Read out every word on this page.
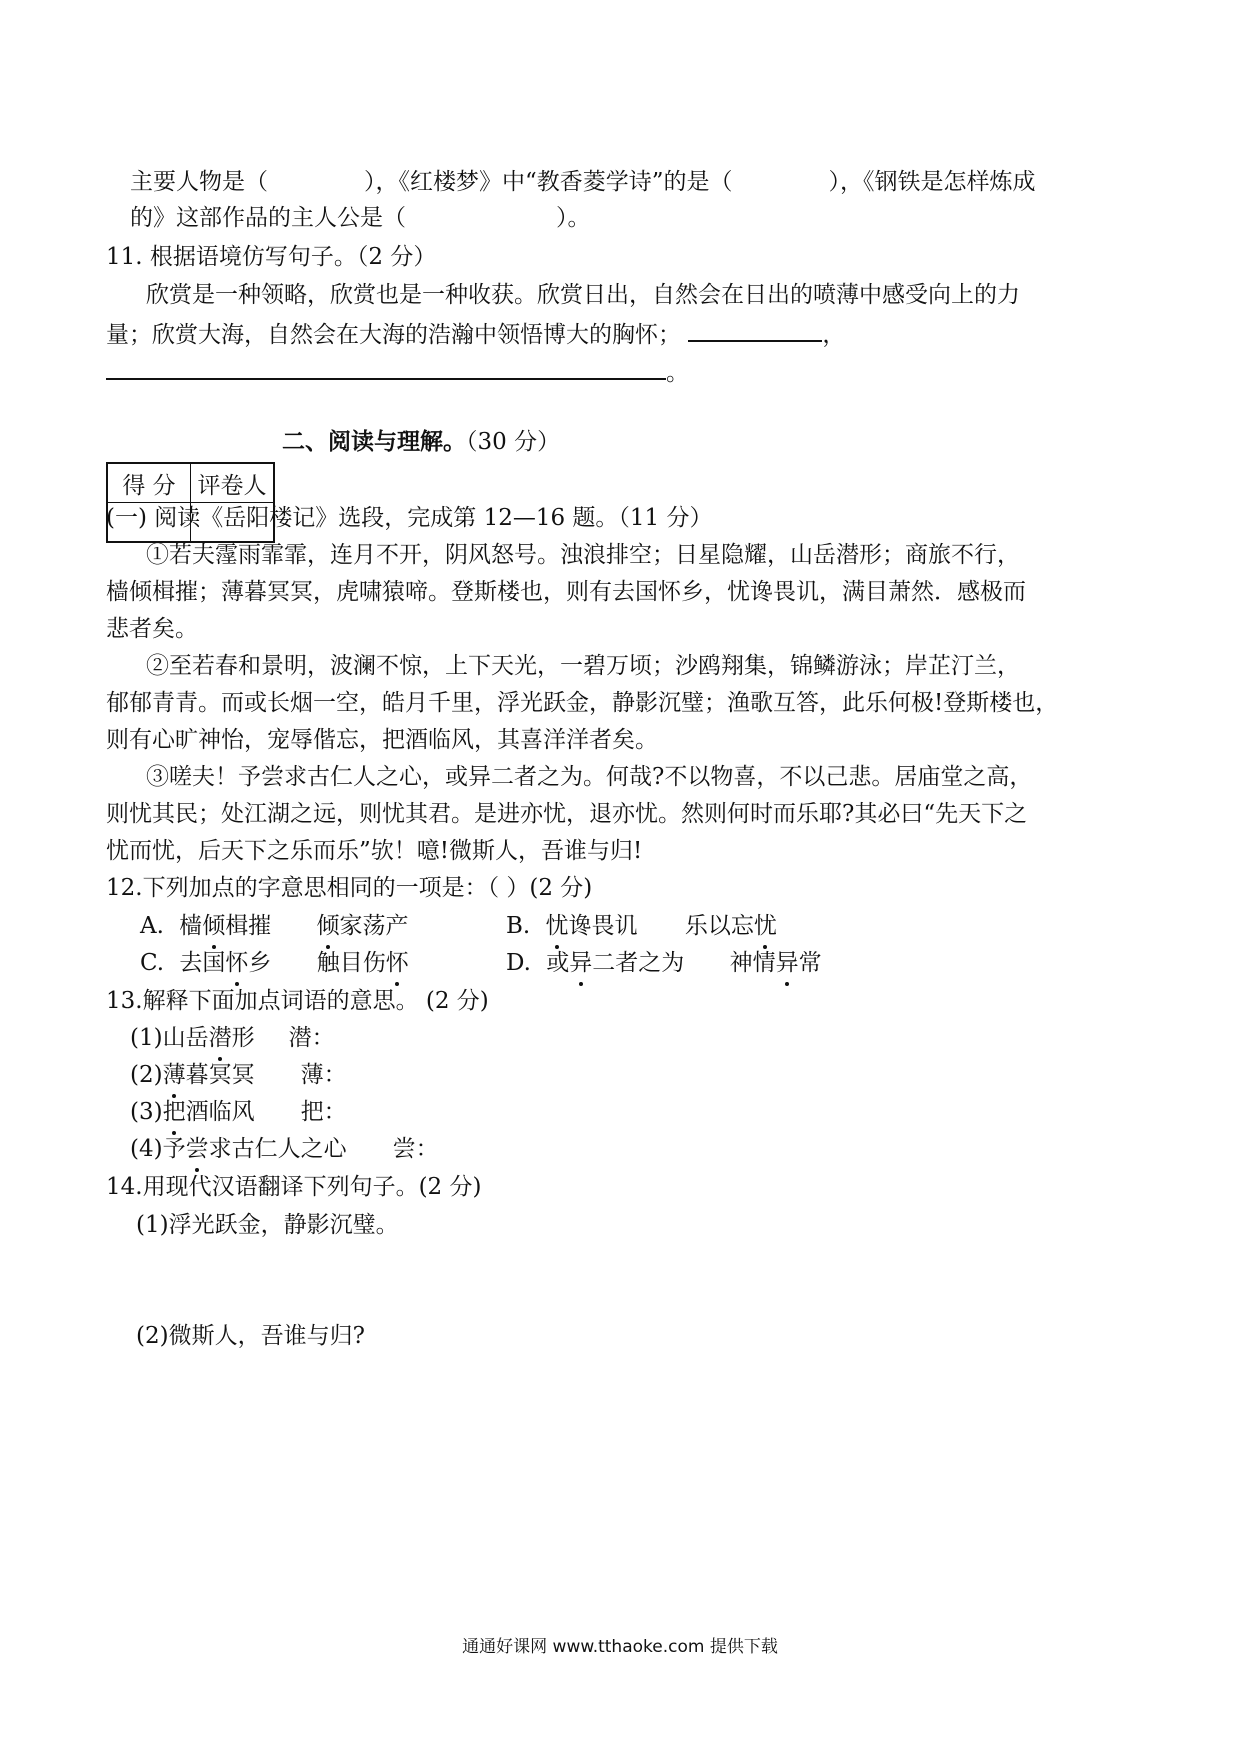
主要人物是（	），《红楼梦》中“教香菱学诗”的是（	），《钢铁是怎样炼成
的》这部作品的主人公是（	）。
11. 根据语境仿写句子。（2 分）
欣赏是一种领略，欣赏也是一种收获。欣赏日出，自然会在日出的喷薄中感受向上的力
量；欣赏大海，自然会在大海的浩瀚中领悟博大的胸怀；	，
。
得 分	评卷人

二、阅读与理解。（30 分）
(一) 阅读《岳阳楼记》选段，完成第 12—16 题。（11 分）
①若夫霪雨霏霏，连月不开，阴风怒号。浊浪排空；日星隐耀，山岳潜形；商旅不行，
樯倾楫摧；薄暮冥冥，虎啸猿啼。登斯楼也，则有去国怀乡，忧谗畏讥，满目萧然．感极而
悲者矣。
②至若春和景明，波澜不惊，上下天光，一碧万顷；沙鸥翔集，锦鳞游泳；岸芷汀兰，
郁郁青青。而或长烟一空，皓月千里，浮光跃金，静影沉璧；渔歌互答，此乐何极!登斯楼也，
则有心旷神怡，宠辱偕忘，把酒临风，其喜洋洋者矣。
③嗟夫！予尝求古仁人之心，或异二者之为。何哉?不以物喜，不以己悲。居庙堂之高，
则忧其民；处江湖之远，则忧其君。是进亦忧，退亦忧。然则何时而乐耶?其必曰“先天下之
忧而忧，后天下之乐而乐”欤！噫!微斯人，吾谁与归!
12.下列加点的字意思相同的一项是：（ ）(2 分)
A. 樯倾楫摧 倾家荡产	B. 忧谗畏讥 乐以忘忧
C. 去国怀乡 触目伤怀	D. 或异二者之为 神情异常
13.解释下面加点词语的意思。 (2 分)
(1)山岳潜形 潜：
(2)薄暮冥冥 薄：
(3)把酒临风 把：
(4)予尝求古仁人之心 尝：
14.用现代汉语翻译下列句子。(2 分)
(1)浮光跃金，静影沉璧。
(2)微斯人，吾谁与归?
通通好课网 www.tthaoke.com 提供下载
